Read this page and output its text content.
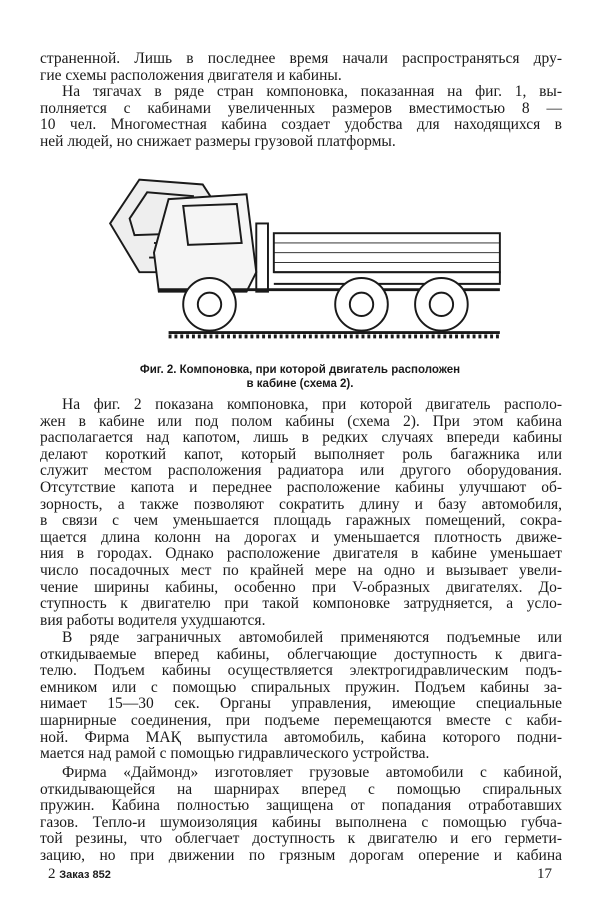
страненной. Лишь в последнее время начали распространяться дру-
гие схемы расположения двигателя и кабины.
На тягачах в ряде стран компоновка, показанная на фиг. 1, вы-
полняется с кабинами увеличенных размеров вместимостью 8 —
10 чел. Многоместная кабина создает удобства для находящихся в
ней людей, но снижает размеры грузовой платформы.
Фиг. 2. Компоновка, при которой двигатель расположен
в кабине (схема 2).
На фиг. 2 показана компоновка, при которой двигатель располо-
жен в кабине или под полом кабины (схема 2). При этом кабина
располагается над капотом, лишь в редких случаях впереди кабины
делают короткий капот, который выполняет роль багажника или
служит местом расположения радиатора или другого оборудования.
Отсутствие капота и переднее расположение кабины улучшают об-
зорность, а также позволяют сократить длину и базу автомобиля,
в связи с чем уменьшается площадь гаражных помещений, сокра-
щается длина колонн на дорогах и уменьшается плотность движе-
ния в городах. Однако расположение двигателя в кабине уменьшает
число посадочных мест по крайней мере на одно и вызывает увели-
чение ширины кабины, особенно при V-образных двигателях. До-
ступность к двигателю при такой компоновке затрудняется, а усло-
вия работы водителя ухудшаются.
В ряде заграничных автомобилей применяются подъемные или
откидываемые вперед кабины, облегчающие доступность к двига-
телю. Подъем кабины осуществляется электрогидравлическим подъ-
емником или с помощью спиральных пружин. Подъем кабины за-
нимает 15—30 сек. Органы управления, имеющие специальные
шарнирные соединения, при подъеме перемещаются вместе с каби-
ной. Фирма МАҚ выпустила автомобиль, кабина которого подни-
мается над рамой с помощью гидравлического устройства.
Фирма «Даймонд» изготовляет грузовые автомобили с кабиной,
откидывающейся на шарнирах вперед с помощью спиральных
пружин. Кабина полностью защищена от попадания отработавших
газов. Тепло-и шумоизоляция кабины выполнена с помощью губча-
той резины, что облегчает доступность к двигателю и его гермети-
зацию, но при движении по грязным дорогам оперение и кабина
2 Заказ 852	17
